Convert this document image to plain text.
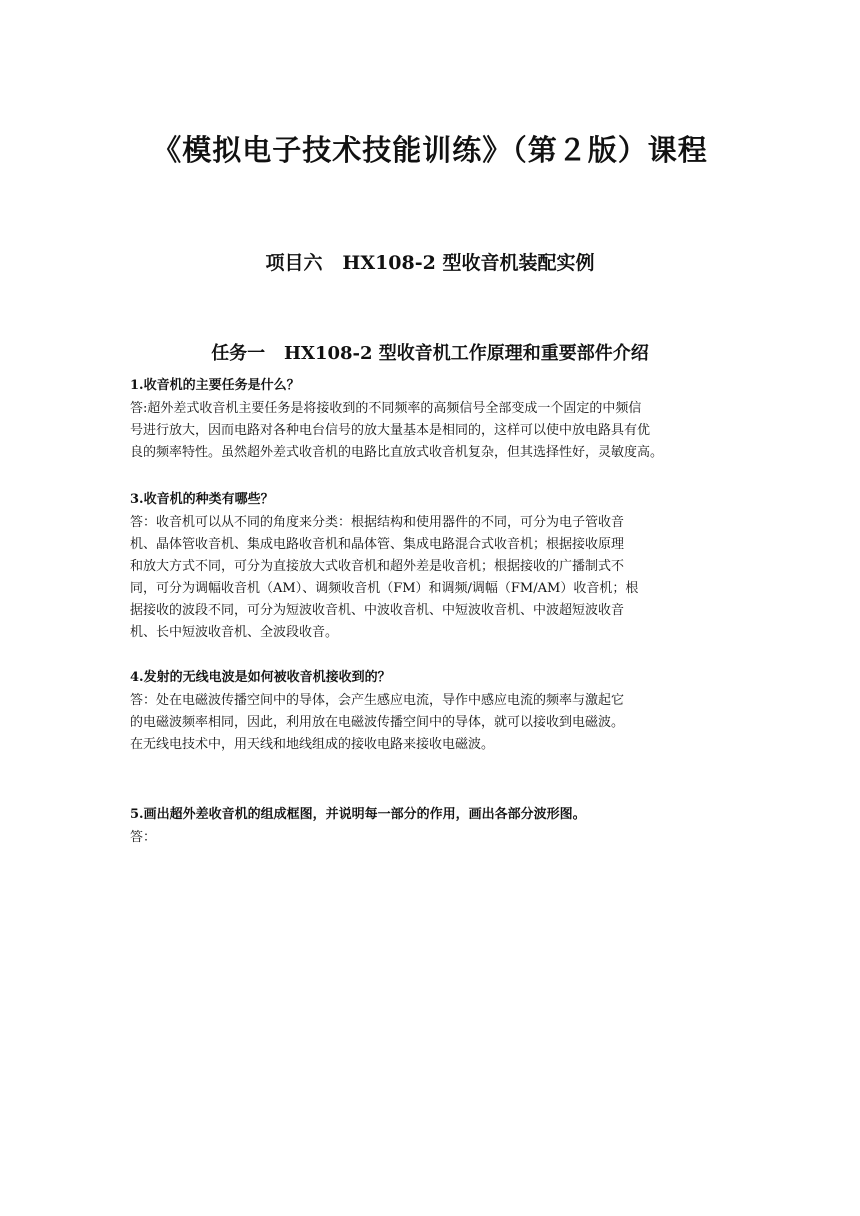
《模拟电子技术技能训练》（第２版）课程
项目六   HX108-2 型收音机装配实例
任务一   HX108-2 型收音机工作原理和重要部件介绍

1.收音机的主要任务是什么？

答:超外差式收音机主要任务是将接收到的不同频率的高频信号全部变成一个固定的中频信
号进行放大，因而电路对各种电台信号的放大量基本是相同的，这样可以使中放电路具有优
良的频率特性。虽然超外差式收音机的电路比直放式收音机复杂，但其选择性好，灵敏度高。

3.收音机的种类有哪些？

答：收音机可以从不同的角度来分类：根据结构和使用器件的不同，可分为电子管收音
机、晶体管收音机、集成电路收音机和晶体管、集成电路混合式收音机；根据接收原理
和放大方式不同，可分为直接放大式收音机和超外差是收音机；根据接收的广播制式不
同，可分为调幅收音机（AM）、调频收音机（FM）和调频/调幅（FM/AM）收音机；根
据接收的波段不同，可分为短波收音机、中波收音机、中短波收音机、中波超短波收音
机、长中短波收音机、全波段收音。

4.发射的无线电波是如何被收音机接收到的？

答：处在电磁波传播空间中的导体，会产生感应电流，导作中感应电流的频率与激起它
的电磁波频率相同，因此，利用放在电磁波传播空间中的导体，就可以接收到电磁波。
在无线电技术中，用天线和地线组成的接收电路来接收电磁波。

5.画出超外差收音机的组成框图，并说明每一部分的作用，画出各部分波形图。

答：
